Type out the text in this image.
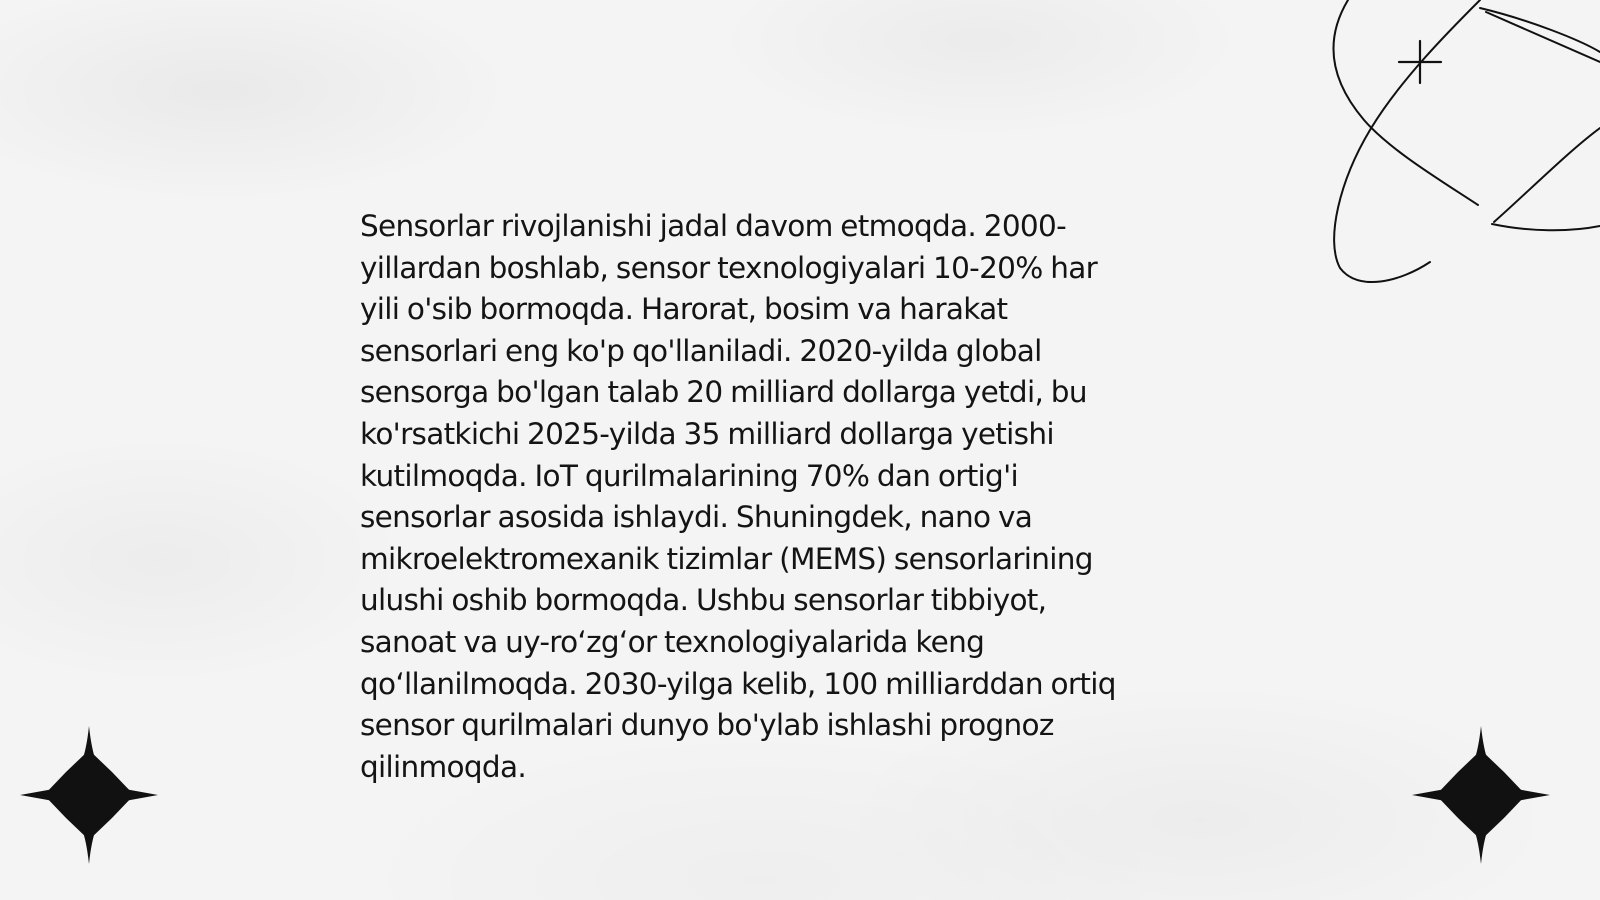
Sensorlar rivojlanishi jadal davom etmoqda. 2000-
yillardan boshlab, sensor texnologiyalari 10-20% har
yili o'sib bormoqda. Harorat, bosim va harakat
sensorlari eng ko'p qo'llaniladi. 2020-yilda global
sensorga bo'lgan talab 20 milliard dollarga yetdi, bu
ko'rsatkichi 2025-yilda 35 milliard dollarga yetishi
kutilmoqda. IoT qurilmalarining 70% dan ortig'i
sensorlar asosida ishlaydi. Shuningdek, nano va
mikroelektromexanik tizimlar (MEMS) sensorlarining
ulushi oshib bormoqda. Ushbu sensorlar tibbiyot,
sanoat va uy-ro‘zg‘or texnologiyalarida keng
qo‘llanilmoqda. 2030-yilga kelib, 100 milliarddan ortiq
sensor qurilmalari dunyo bo'ylab ishlashi prognoz
qilinmoqda.
